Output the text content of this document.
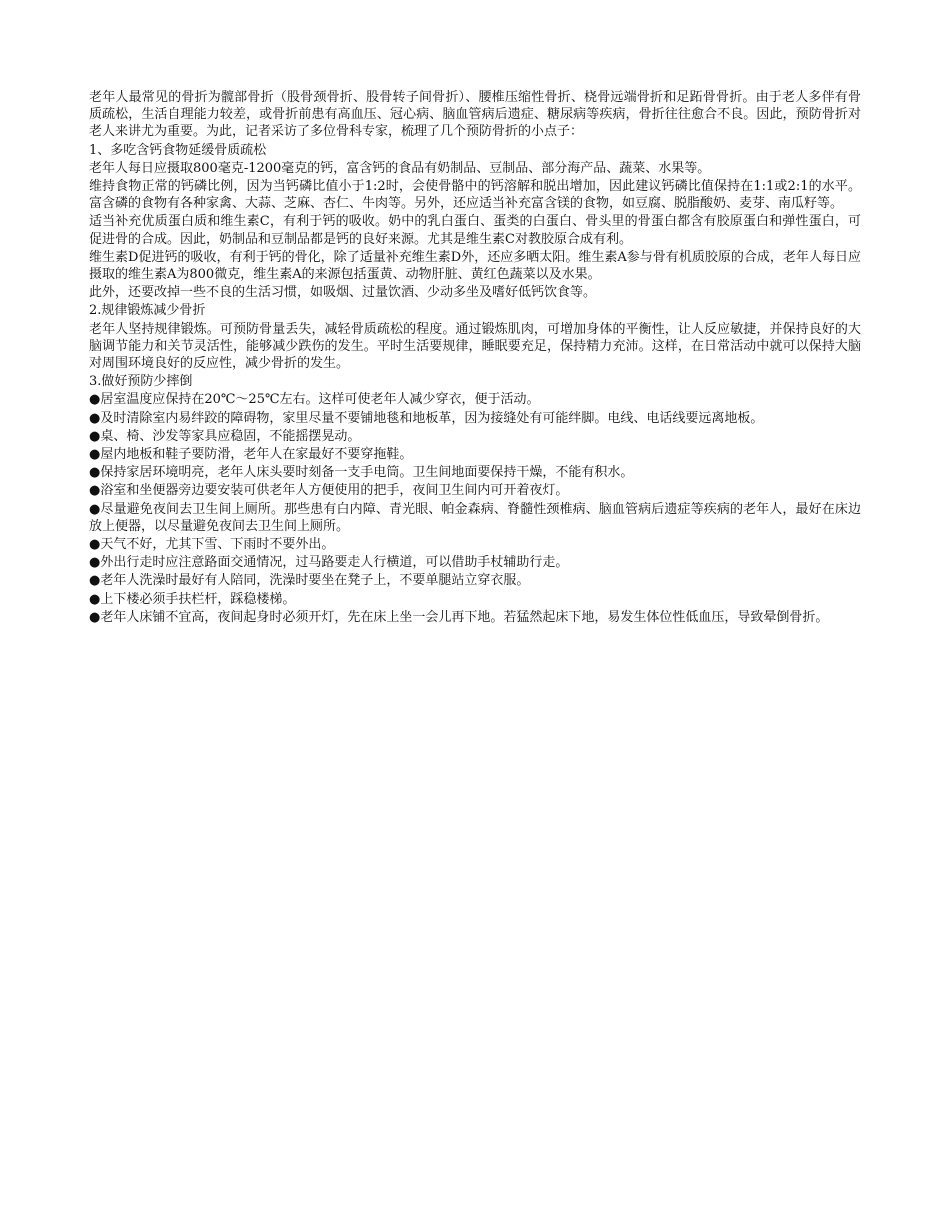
老年人最常见的骨折为髋部骨折（股骨颈骨折、股骨转子间骨折）、腰椎压缩性骨折、桡骨远端骨折和足跖骨骨折。由于老人多伴有骨质疏松，生活自理能力较差，或骨折前患有高血压、冠心病、脑血管病后遗症、糖尿病等疾病，骨折往往愈合不良。因此，预防骨折对老人来讲尤为重要。为此，记者采访了多位骨科专家，梳理了几个预防骨折的小点子：

1、多吃含钙食物延缓骨质疏松

老年人每日应摄取800毫克-1200毫克的钙，富含钙的食品有奶制品、豆制品、部分海产品、蔬菜、水果等。

维持食物正常的钙磷比例，因为当钙磷比值小于1:2时，会使骨骼中的钙溶解和脱出增加，因此建议钙磷比值保持在1:1或2:1的水平。富含磷的食物有各种家禽、大蒜、芝麻、杏仁、牛肉等。另外，还应适当补充富含镁的食物，如豆腐、脱脂酸奶、麦芽、南瓜籽等。

适当补充优质蛋白质和维生素C，有利于钙的吸收。奶中的乳白蛋白、蛋类的白蛋白、骨头里的骨蛋白都含有胶原蛋白和弹性蛋白，可促进骨的合成。因此，奶制品和豆制品都是钙的良好来源。尤其是维生素C对教胶原合成有利。

维生素D促进钙的吸收，有利于钙的骨化，除了适量补充维生素D外，还应多晒太阳。维生素A参与骨有机质胶原的合成，老年人每日应摄取的维生素A为800微克，维生素A的来源包括蛋黄、动物肝脏、黄红色蔬菜以及水果。

此外，还要改掉一些不良的生活习惯，如吸烟、过量饮酒、少动多坐及嗜好低钙饮食等。

2.规律锻炼减少骨折

老年人坚持规律锻炼。可预防骨量丢失，减轻骨质疏松的程度。通过锻炼肌肉，可增加身体的平衡性，让人反应敏捷，并保持良好的大脑调节能力和关节灵活性，能够减少跌伤的发生。平时生活要规律，睡眠要充足，保持精力充沛。这样，在日常活动中就可以保持大脑对周围环境良好的反应性，减少骨折的发生。

3.做好预防少摔倒

●居室温度应保持在20℃～25℃左右。这样可使老年人减少穿衣，便于活动。

●及时清除室内易绊跤的障碍物，家里尽量不要铺地毯和地板革，因为接缝处有可能绊脚。电线、电话线要远离地板。

●桌、椅、沙发等家具应稳固，不能摇摆晃动。

●屋内地板和鞋子要防滑，老年人在家最好不要穿拖鞋。

●保持家居环境明亮，老年人床头要时刻备一支手电筒。卫生间地面要保持干燥，不能有积水。

●浴室和坐便器旁边要安装可供老年人方便使用的把手，夜间卫生间内可开着夜灯。

●尽量避免夜间去卫生间上厕所。那些患有白内障、青光眼、帕金森病、脊髓性颈椎病、脑血管病后遗症等疾病的老年人，最好在床边放上便器，以尽量避免夜间去卫生间上厕所。

●天气不好，尤其下雪、下雨时不要外出。

●外出行走时应注意路面交通情况，过马路要走人行横道，可以借助手杖辅助行走。

●老年人洗澡时最好有人陪同，洗澡时要坐在凳子上，不要单腿站立穿衣服。

●上下楼必须手扶栏杆，踩稳楼梯。

●老年人床铺不宜高，夜间起身时必须开灯，先在床上坐一会儿再下地。若猛然起床下地，易发生体位性低血压，导致晕倒骨折。
